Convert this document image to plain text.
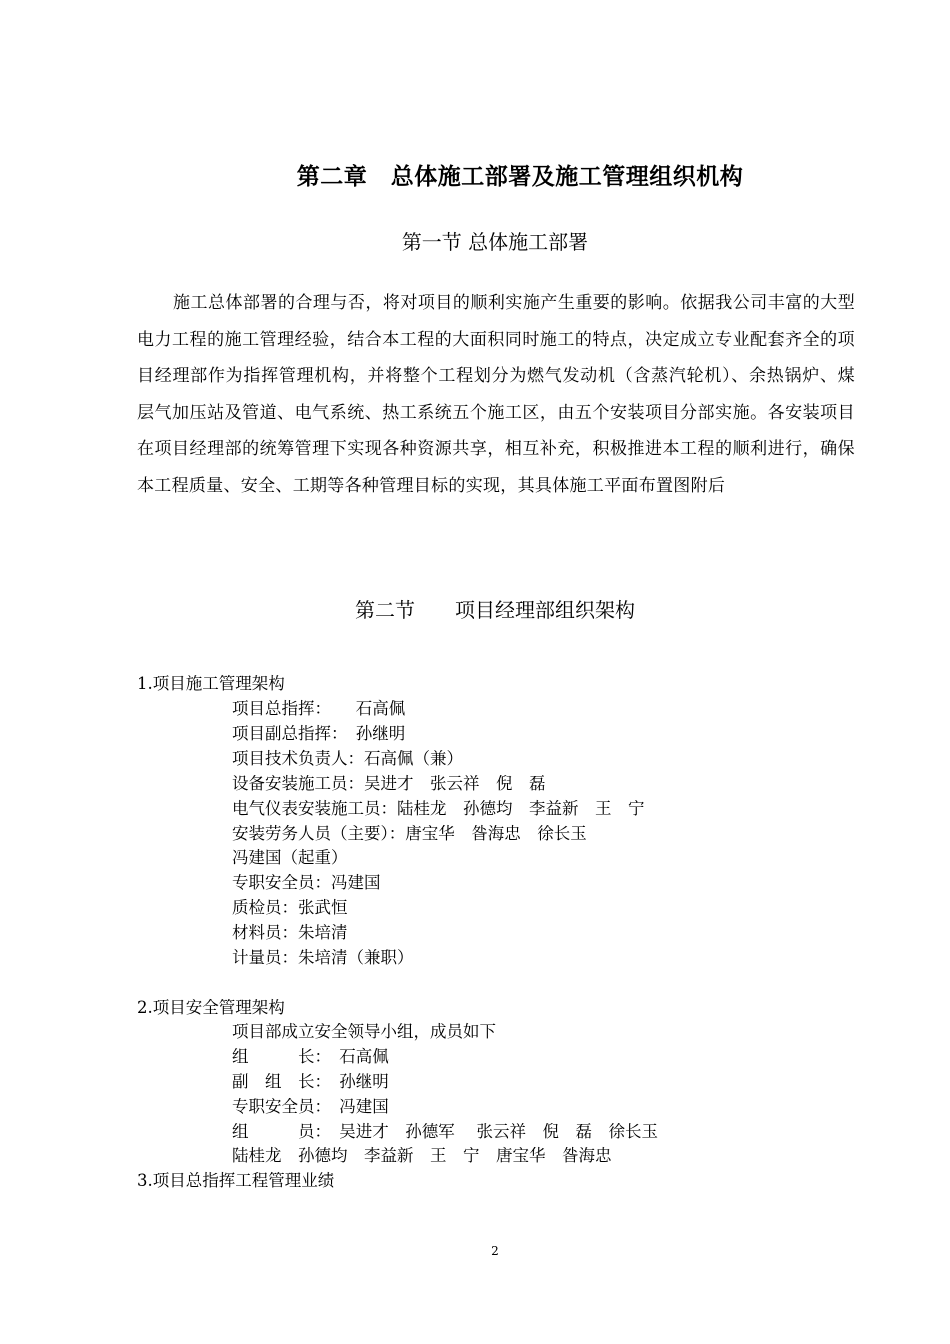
第二章　总体施工部署及施工管理组织机构
第一节 总体施工部署
施工总体部署的合理与否，将对项目的顺利实施产生重要的影响。依据我公司丰富的大型电力工程的施工管理经验，结合本工程的大面积同时施工的特点，决定成立专业配套齐全的项目经理部作为指挥管理机构，并将整个工程划分为燃气发动机（含蒸汽轮机）、余热锅炉、煤层气加压站及管道、电气系统、热工系统五个施工区，由五个安装项目分部实施。各安装项目在项目经理部的统筹管理下实现各种资源共享，相互补充，积极推进本工程的顺利进行，确保本工程质量、安全、工期等各种管理目标的实现，其具体施工平面布置图附后
第二节　　项目经理部组织架构
1.项目施工管理架构
项目总指挥：　　石高佩
项目副总指挥：　孙继明
项目技术负责人：石高佩（兼）
设备安装施工员：吴进才　张云祥　倪　磊
电气仪表安装施工员：陆桂龙　孙德均　李益新　王　宁
安装劳务人员（主要）：唐宝华　昝海忠　徐长玉
冯建国（起重）
专职安全员：冯建国
质检员：张武恒
材料员：朱培清
计量员：朱培清（兼职）
2.项目安全管理架构
项目部成立安全领导小组，成员如下
组　　　长：　石高佩
副　组　长：　孙继明
专职安全员：　冯建国
组　　　员：　吴进才　孙德军　 张云祥　倪　磊　徐长玉
陆桂龙　孙德均　李益新　王　宁　唐宝华　昝海忠
3.项目总指挥工程管理业绩
2
